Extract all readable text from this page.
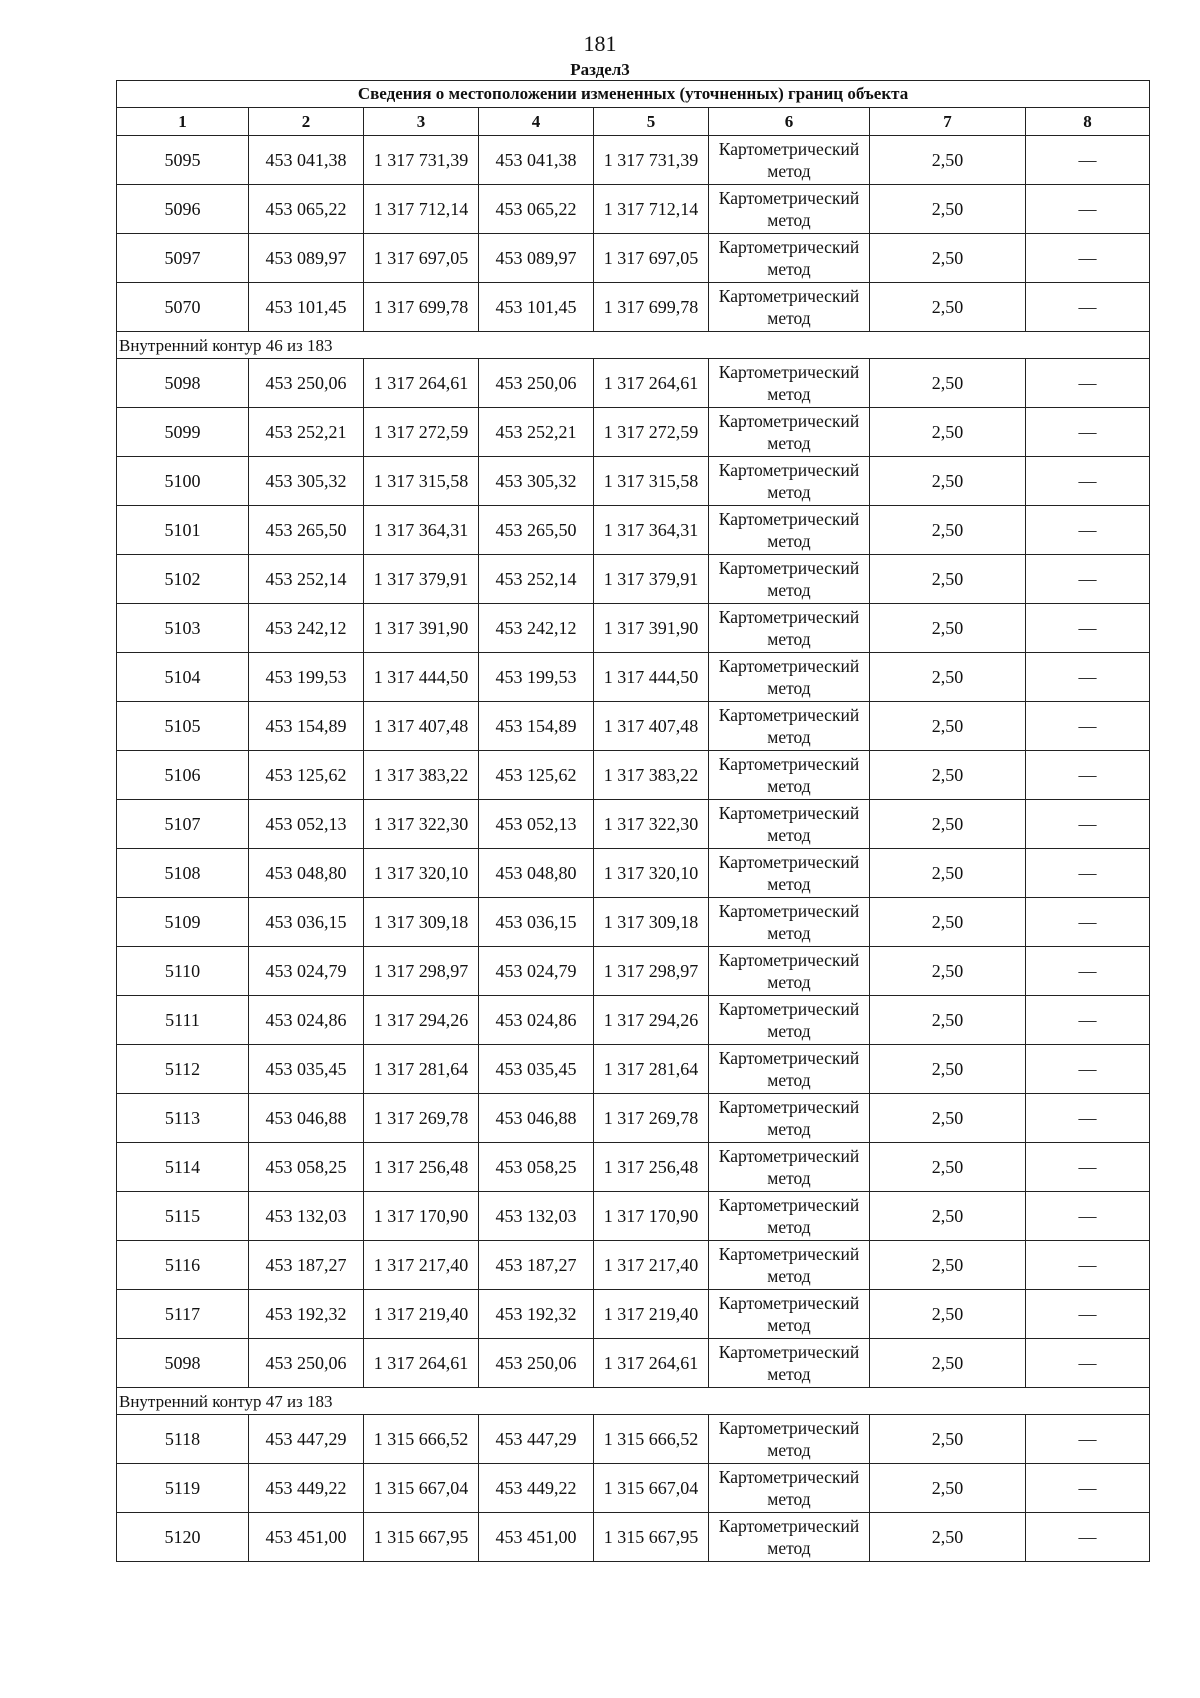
181
Раздел3
Сведения о местоположении измененных (уточненных) границ объекта							
1	2	3	4	5	6	7	8
5095	453 041,38	1 317 731,39	453 041,38	1 317 731,39	Картометрический метод	2,50	—
5096	453 065,22	1 317 712,14	453 065,22	1 317 712,14	Картометрический метод	2,50	—
5097	453 089,97	1 317 697,05	453 089,97	1 317 697,05	Картометрический метод	2,50	—
5070	453 101,45	1 317 699,78	453 101,45	1 317 699,78	Картометрический метод	2,50	—
Внутренний контур 46 из 183							
5098	453 250,06	1 317 264,61	453 250,06	1 317 264,61	Картометрический метод	2,50	—
5099	453 252,21	1 317 272,59	453 252,21	1 317 272,59	Картометрический метод	2,50	—
5100	453 305,32	1 317 315,58	453 305,32	1 317 315,58	Картометрический метод	2,50	—
5101	453 265,50	1 317 364,31	453 265,50	1 317 364,31	Картометрический метод	2,50	—
5102	453 252,14	1 317 379,91	453 252,14	1 317 379,91	Картометрический метод	2,50	—
5103	453 242,12	1 317 391,90	453 242,12	1 317 391,90	Картометрический метод	2,50	—
5104	453 199,53	1 317 444,50	453 199,53	1 317 444,50	Картометрический метод	2,50	—
5105	453 154,89	1 317 407,48	453 154,89	1 317 407,48	Картометрический метод	2,50	—
5106	453 125,62	1 317 383,22	453 125,62	1 317 383,22	Картометрический метод	2,50	—
5107	453 052,13	1 317 322,30	453 052,13	1 317 322,30	Картометрический метод	2,50	—
5108	453 048,80	1 317 320,10	453 048,80	1 317 320,10	Картометрический метод	2,50	—
5109	453 036,15	1 317 309,18	453 036,15	1 317 309,18	Картометрический метод	2,50	—
5110	453 024,79	1 317 298,97	453 024,79	1 317 298,97	Картометрический метод	2,50	—
5111	453 024,86	1 317 294,26	453 024,86	1 317 294,26	Картометрический метод	2,50	—
5112	453 035,45	1 317 281,64	453 035,45	1 317 281,64	Картометрический метод	2,50	—
5113	453 046,88	1 317 269,78	453 046,88	1 317 269,78	Картометрический метод	2,50	—
5114	453 058,25	1 317 256,48	453 058,25	1 317 256,48	Картометрический метод	2,50	—
5115	453 132,03	1 317 170,90	453 132,03	1 317 170,90	Картометрический метод	2,50	—
5116	453 187,27	1 317 217,40	453 187,27	1 317 217,40	Картометрический метод	2,50	—
5117	453 192,32	1 317 219,40	453 192,32	1 317 219,40	Картометрический метод	2,50	—
5098	453 250,06	1 317 264,61	453 250,06	1 317 264,61	Картометрический метод	2,50	—
Внутренний контур 47 из 183							
5118	453 447,29	1 315 666,52	453 447,29	1 315 666,52	Картометрический метод	2,50	—
5119	453 449,22	1 315 667,04	453 449,22	1 315 667,04	Картометрический метод	2,50	—
5120	453 451,00	1 315 667,95	453 451,00	1 315 667,95	Картометрический метод	2,50	—
